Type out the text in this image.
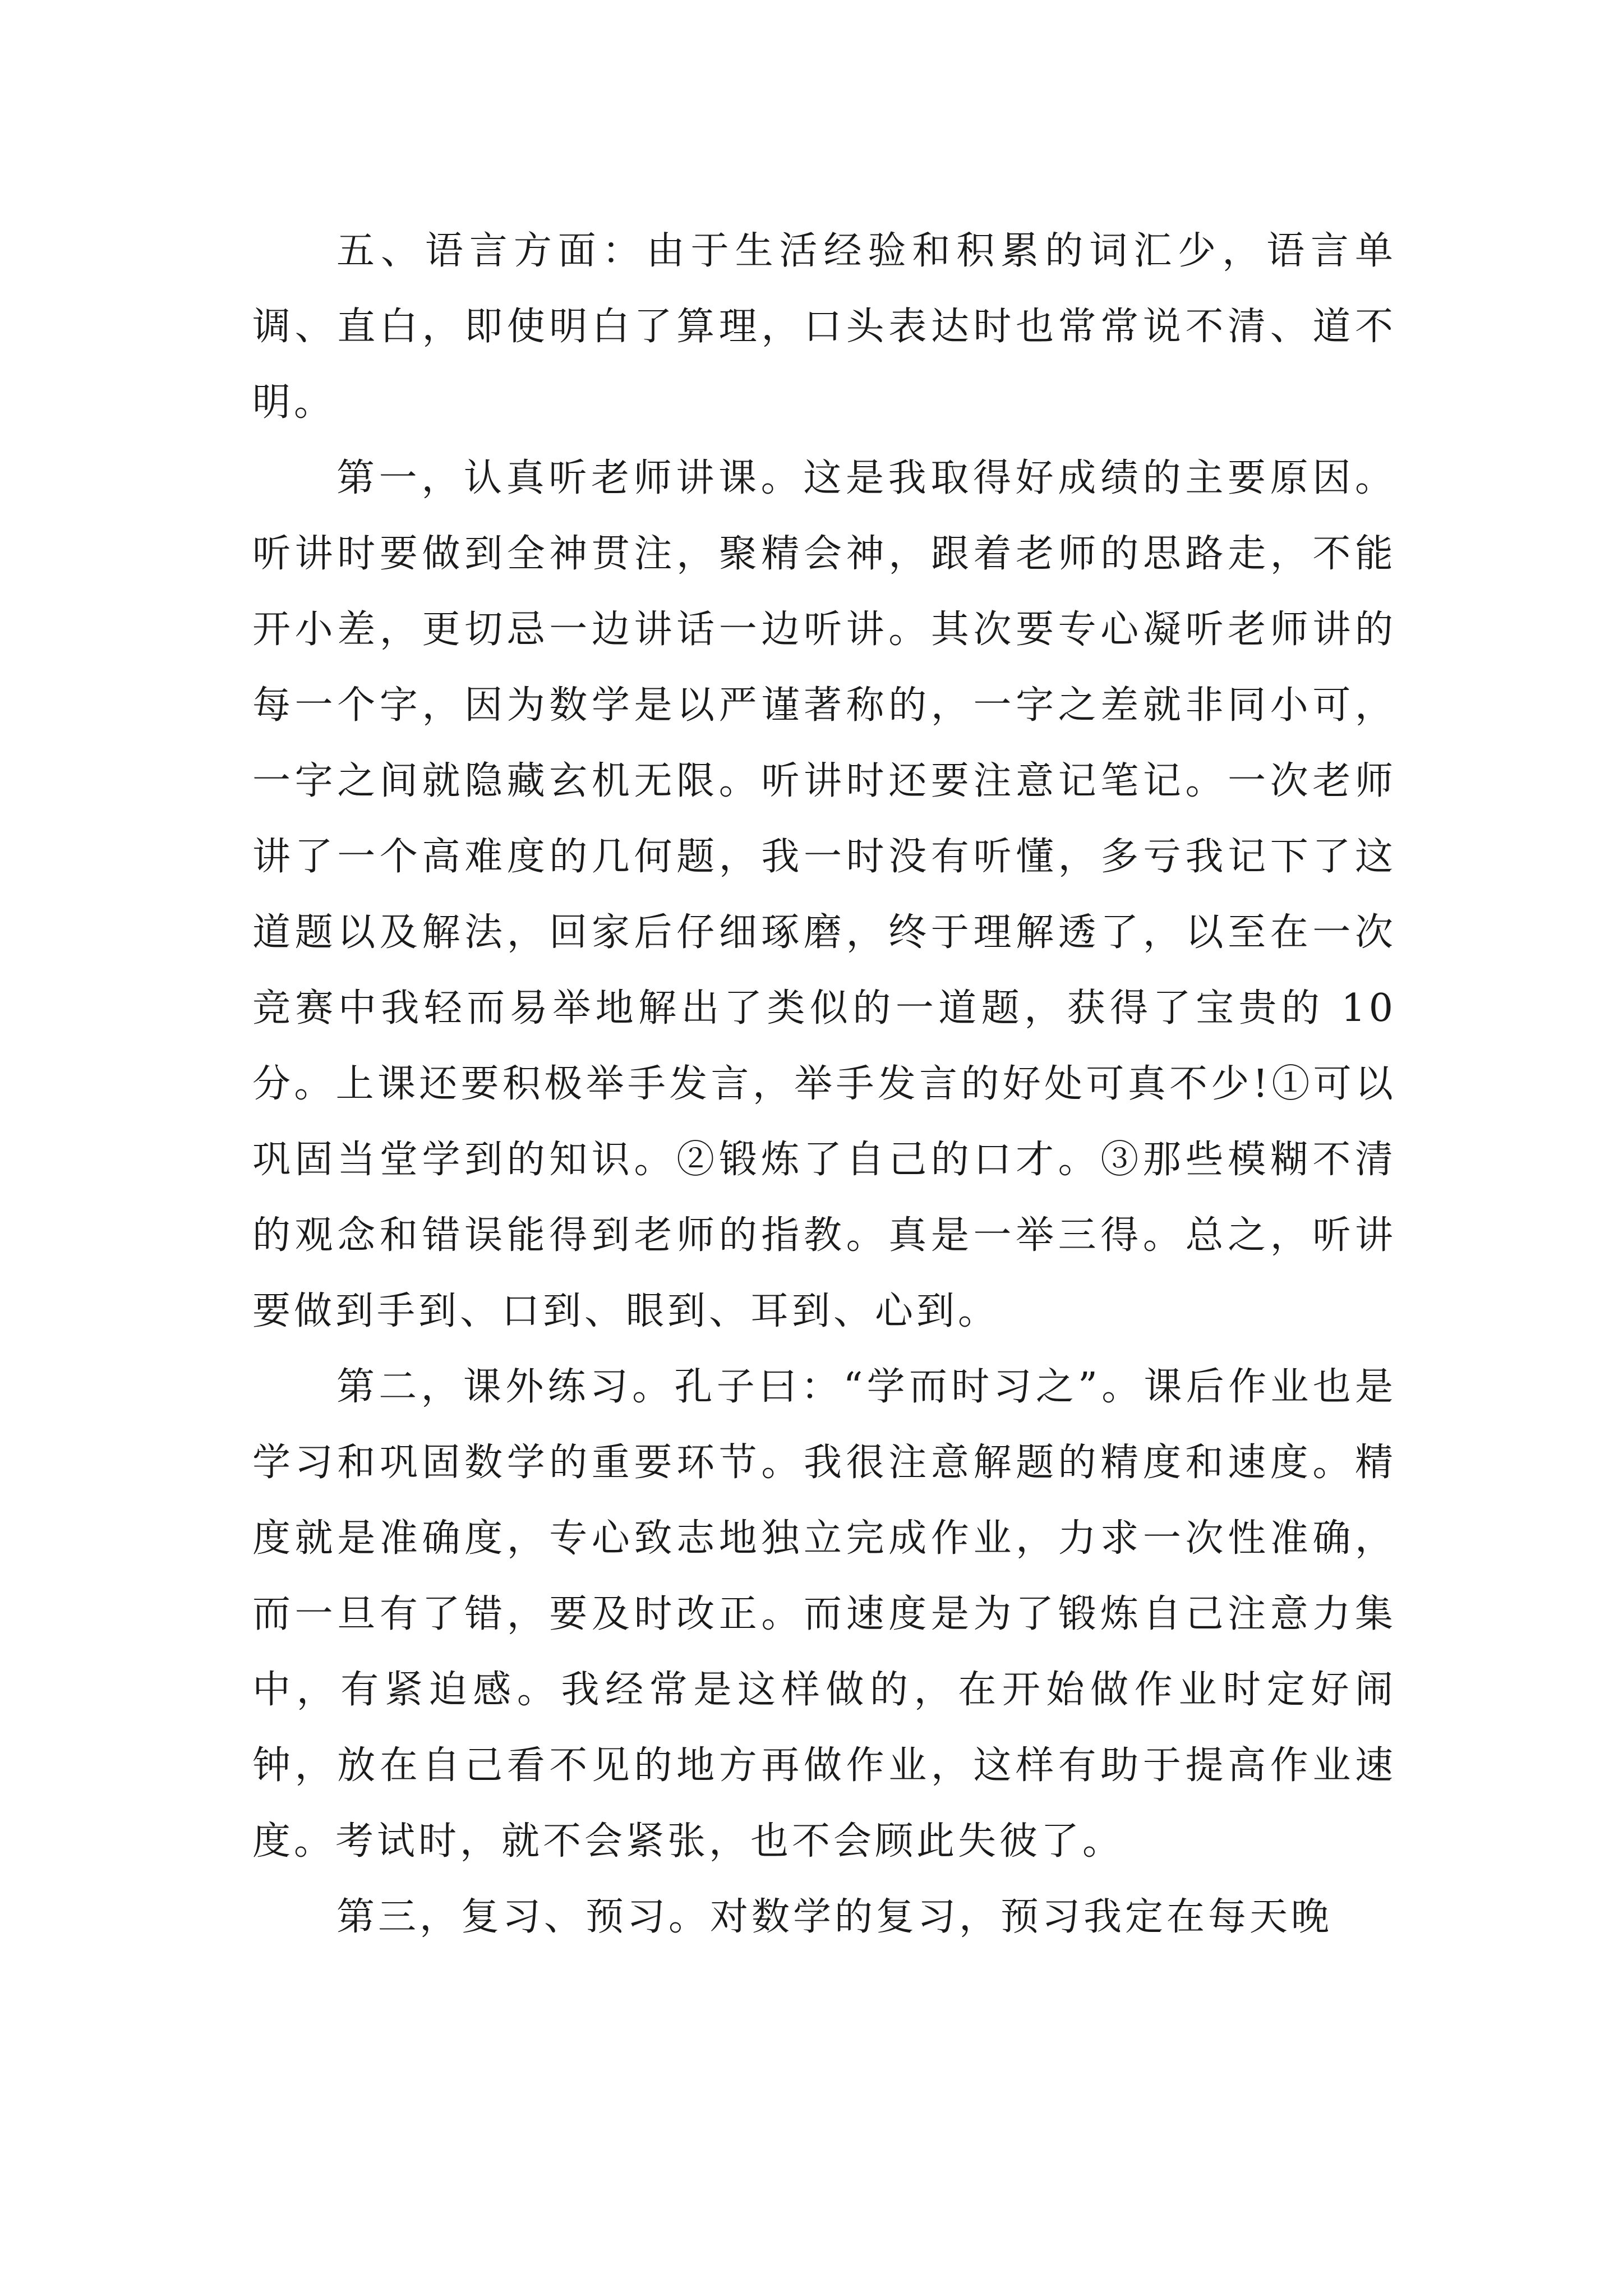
五、语言方面：由于生活经验和积累的词汇少，语言单调、直白，即使明白了算理，口头表达时也常常说不清、道不明。

第一，认真听老师讲课。这是我取得好成绩的主要原因。听讲时要做到全神贯注，聚精会神，跟着老师的思路走，不能开小差，更切忌一边讲话一边听讲。其次要专心凝听老师讲的每一个字，因为数学是以严谨著称的，一字之差就非同小可，一字之间就隐藏玄机无限。听讲时还要注意记笔记。一次老师讲了一个高难度的几何题，我一时没有听懂，多亏我记下了这道题以及解法，回家后仔细琢磨，终于理解透了，以至在一次竞赛中我轻而易举地解出了类似的一道题，获得了宝贵的 10 分。上课还要积极举手发言，举手发言的好处可真不少!①可以巩固当堂学到的知识。②锻炼了自己的口才。③那些模糊不清的观念和错误能得到老师的指教。真是一举三得。总之，听讲要做到手到、口到、眼到、耳到、心到。

第二，课外练习。孔子曰：“学而时习之”。课后作业也是学习和巩固数学的重要环节。我很注意解题的精度和速度。精度就是准确度，专心致志地独立完成作业，力求一次性准确，而一旦有了错，要及时改正。而速度是为了锻炼自己注意力集中，有紧迫感。我经常是这样做的，在开始做作业时定好闹钟，放在自己看不见的地方再做作业，这样有助于提高作业速度。考试时，就不会紧张，也不会顾此失彼了。

第三，复习、预习。对数学的复习，预习我定在每天晚
